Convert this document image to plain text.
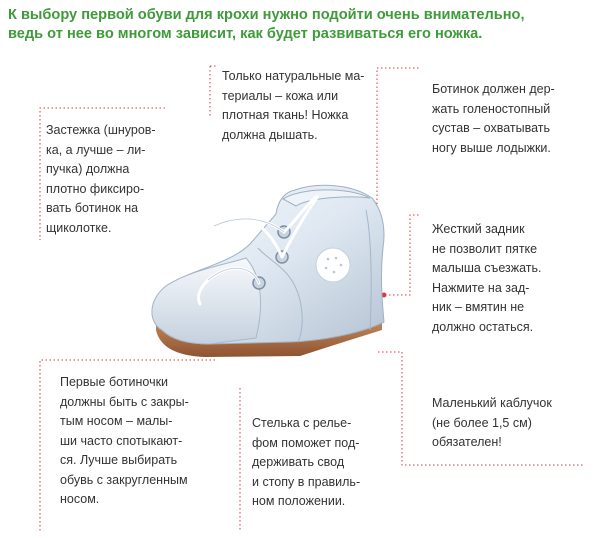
К выбору первой обуви для крохи нужно подойти очень внимательно,
ведь от нее во многом зависит, как будет развиваться его ножка.

Только натуральные ма-
териалы – кожа или
плотная ткань! Ножка
должна дышать.

Ботинок должен дер-
жать голеностопный
сустав – охватывать
ногу выше лодыжки.

Застежка (шнуров-
ка, а лучше – ли-
пучка) должна
плотно фиксиро-
вать ботинок на
щиколотке.	Жесткий задник
не позволит пятке
малыша съезжать.
Нажмите на зад-
ник – вмятин не
должно остаться.

Первые ботиночки
должны быть с закры-
тым носом – малы-
ши часто спотыкают-
ся. Лучше выбирать
обувь с закругленным
носом.

Стелька с релье-
фом поможет под-
держивать свод
и стопу в правиль-
ном положении.

Маленький каблучок
(не более 1,5 см)
обязателен!
